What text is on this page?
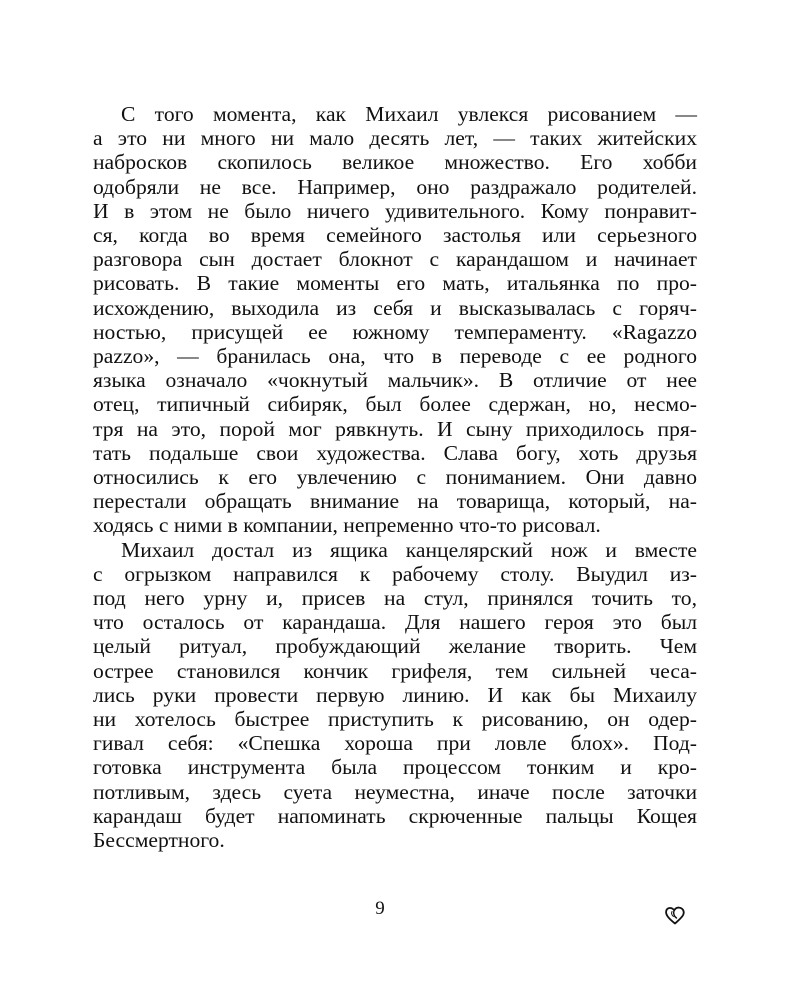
С того момента, как Михаил увлекся рисованием —
а это ни много ни мало десять лет, — таких житейских
набросков скопилось великое множество. Его хобби
одобряли не все. Например, оно раздражало родителей.
И в этом не было ничего удивительного. Кому понравит-
ся, когда во время семейного застолья или серьезного
разговора сын достает блокнот с карандашом и начинает
рисовать. В такие моменты его мать, итальянка по про-
исхождению, выходила из себя и высказывалась с горяч-
ностью, присущей ее южному темпераменту. «Ragazzo
pazzo», — бранилась она, что в переводе с ее родного
языка означало «чокнутый мальчик». В отличие от нее
отец, типичный сибиряк, был более сдержан, но, несмо-
тря на это, порой мог рявкнуть. И сыну приходилось пря-
тать подальше свои художества. Слава богу, хоть друзья
относились к его увлечению с пониманием. Они давно
перестали обращать внимание на товарища, который, на-
ходясь с ними в компании, непременно что-то рисовал.
Михаил достал из ящика канцелярский нож и вместе
с огрызком направился к рабочему столу. Выудил из-
под него урну и, присев на стул, принялся точить то,
что осталось от карандаша. Для нашего героя это был
целый ритуал, пробуждающий желание творить. Чем
острее становился кончик грифеля, тем сильней чеса-
лись руки провести первую линию. И как бы Михаилу
ни хотелось быстрее приступить к рисованию, он одер-
гивал себя: «Спешка хороша при ловле блох». Под-
готовка инструмента была процессом тонким и кро-
потливым, здесь суета неуместна, иначе после заточки
карандаш будет напоминать скрюченные пальцы Кощея
Бессмертного.
9
